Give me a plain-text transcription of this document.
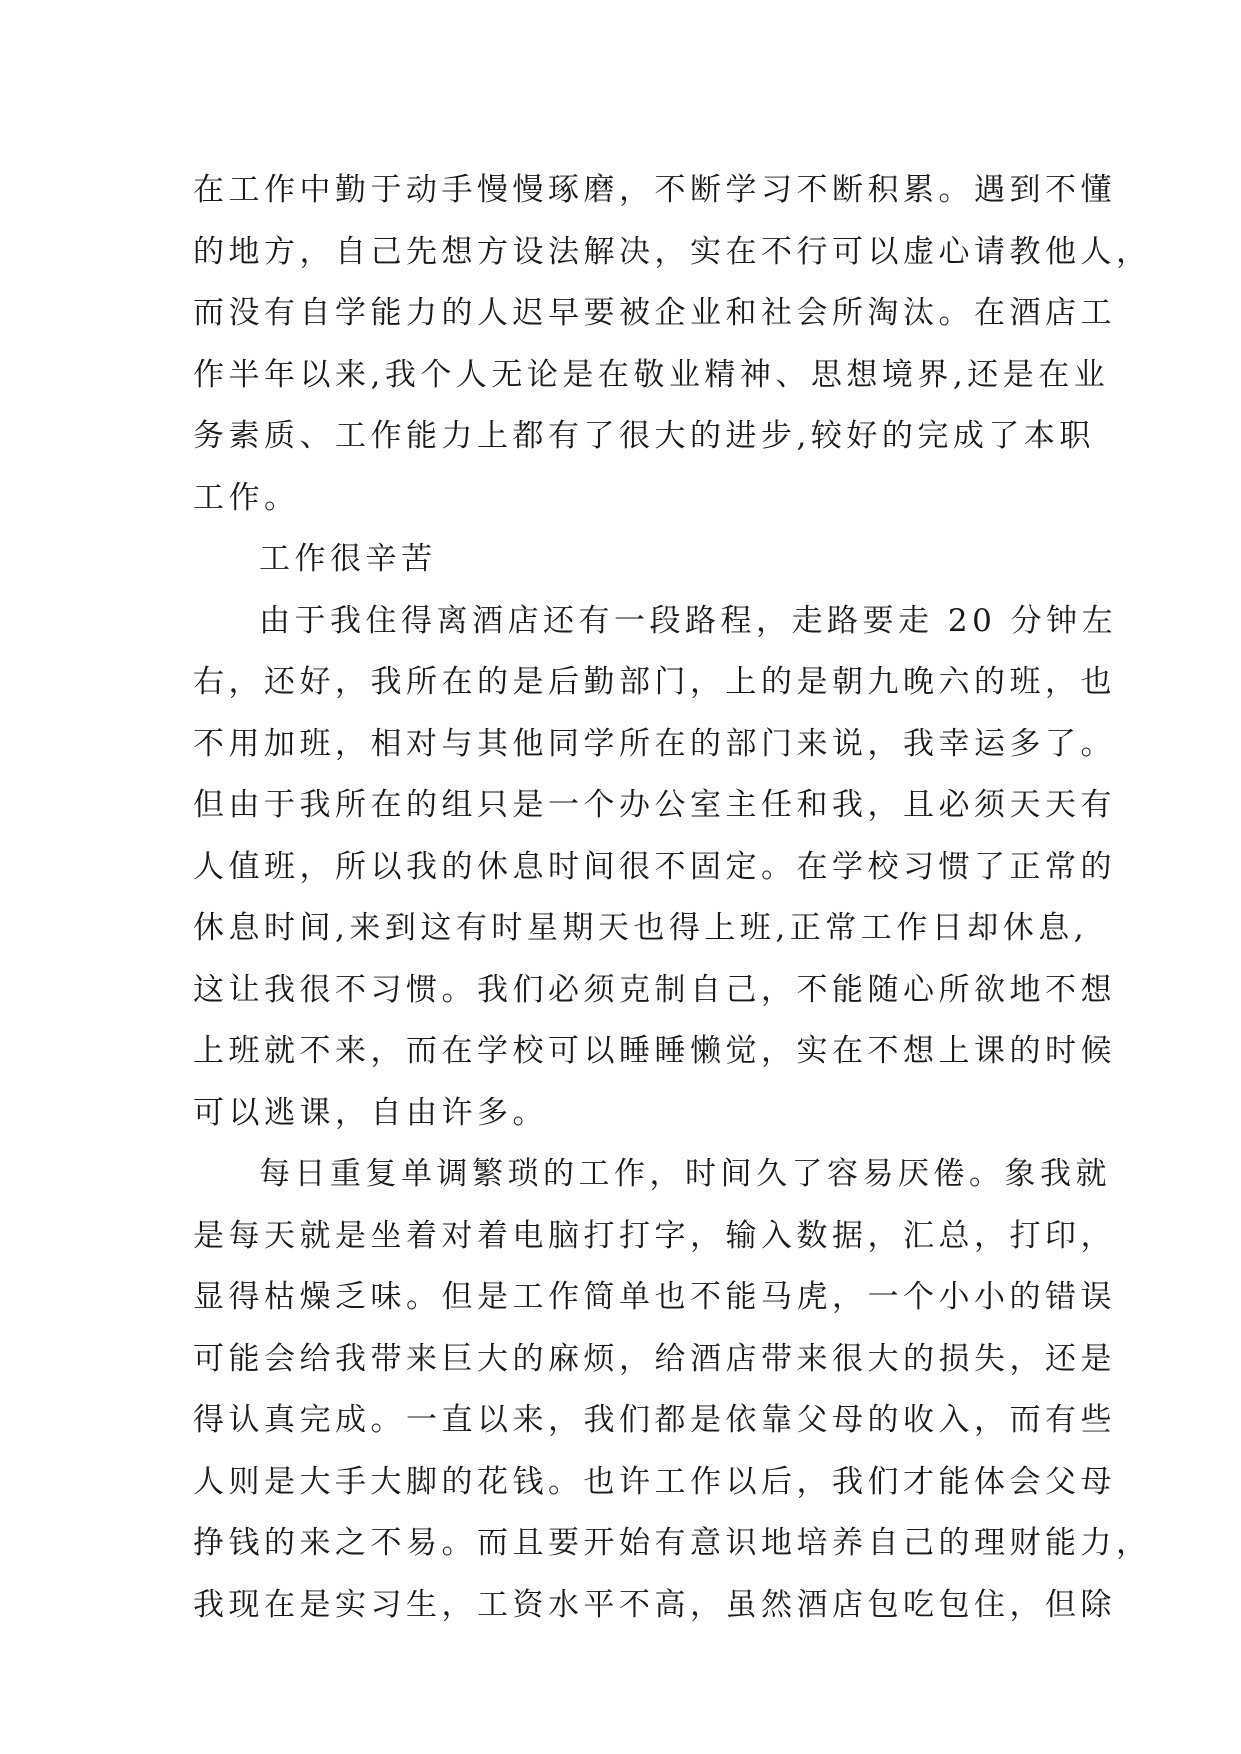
在工作中勤于动手慢慢琢磨，不断学习不断积累。遇到不懂
的地方，自己先想方设法解决，实在不行可以虚心请教他人，
而没有自学能力的人迟早要被企业和社会所淘汰。在酒店工
作半年以来,我个人无论是在敬业精神、思想境界,还是在业
务素质、工作能力上都有了很大的进步,较好的完成了本职
工作。
工作很辛苦
由于我住得离酒店还有一段路程，走路要走 20 分钟左
右，还好，我所在的是后勤部门，上的是朝九晚六的班，也
不用加班，相对与其他同学所在的部门来说，我幸运多了。
但由于我所在的组只是一个办公室主任和我，且必须天天有
人值班，所以我的休息时间很不固定。在学校习惯了正常的
休息时间,来到这有时星期天也得上班,正常工作日却休息,
这让我很不习惯。我们必须克制自己，不能随心所欲地不想
上班就不来，而在学校可以睡睡懒觉，实在不想上课的时候
可以逃课，自由许多。
每日重复单调繁琐的工作，时间久了容易厌倦。象我就
是每天就是坐着对着电脑打打字，输入数据，汇总，打印，
显得枯燥乏味。但是工作简单也不能马虎，一个小小的错误
可能会给我带来巨大的麻烦，给酒店带来很大的损失，还是
得认真完成。一直以来，我们都是依靠父母的收入，而有些
人则是大手大脚的花钱。也许工作以后，我们才能体会父母
挣钱的来之不易。而且要开始有意识地培养自己的理财能力，
我现在是实习生，工资水平不高，虽然酒店包吃包住，但除
